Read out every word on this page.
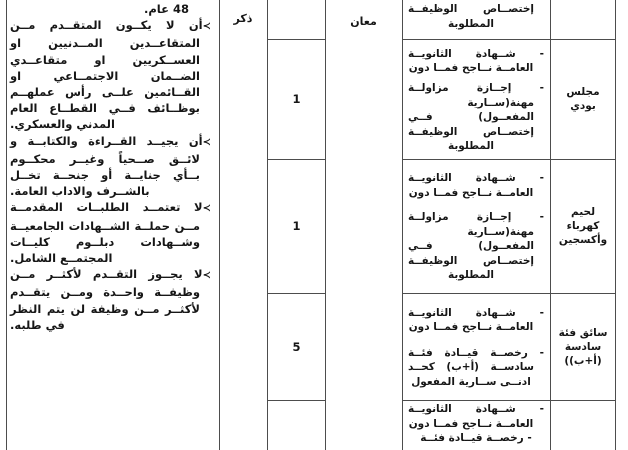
48 عام.
≻أن لا يكــون المتقــدم مــن المتقاعــدين المــدنيين او العســكريين او متقاعــدي الضــمان الاجتمــاعي او القــائمين علــى رأس عملهــم بوظــائف فــي القطــاع العام المدني والعسكري.
≻أن يجيــد القــراءة والكتابــة و لائــق صــحياً وغيــر محكــوم بــأي جنايــة أو جنحــة تخــل بالشــرف والاداب العامة.
≻لا تعتمــد الطلبــات المقدمــة مــن حملــة الشــهادات الجامعيــة وشــهادات دبلــوم كليــات المجتمــع الشامل.
≻لا يجــوز التقــدم لأكثــر مــن وظيفــة واحــدة ومــن يتقــدم لأكثــر مــن وظيفة لن يتم النظر في طلبه.
ذكر	معان
1
1
5
إختصــاص الوظيفــة المطلوبة
- شــهادة الثانويــة العامــة نــاجح فمــا دون
- إجــازة مزاولــة مهنة(ســارية المفعــول) فــي إختصــاص الوظيفــة المطلوبة
- شــهادة الثانويــة العامــة نــاجح فمــا دون
- إجــازة مزاولــة مهنة(ســارية المفعــول) فــي إختصــاص الوظيفــة المطلوبة
- شــهادة الثانويــة العامــة نــاجح فمــا دون
- رخصــة قيــادة فئــة سادســة (أ+ب) كحــد ادنــى ســارية المفعول
- شــهادة الثانويــة العامــة نــاجح فمــا دون
- رخصــة قيــادة فئــة
مجلس بودي
لحيم كهرباء وأكسجين
سائق فئة سادسة (أ+ب))
